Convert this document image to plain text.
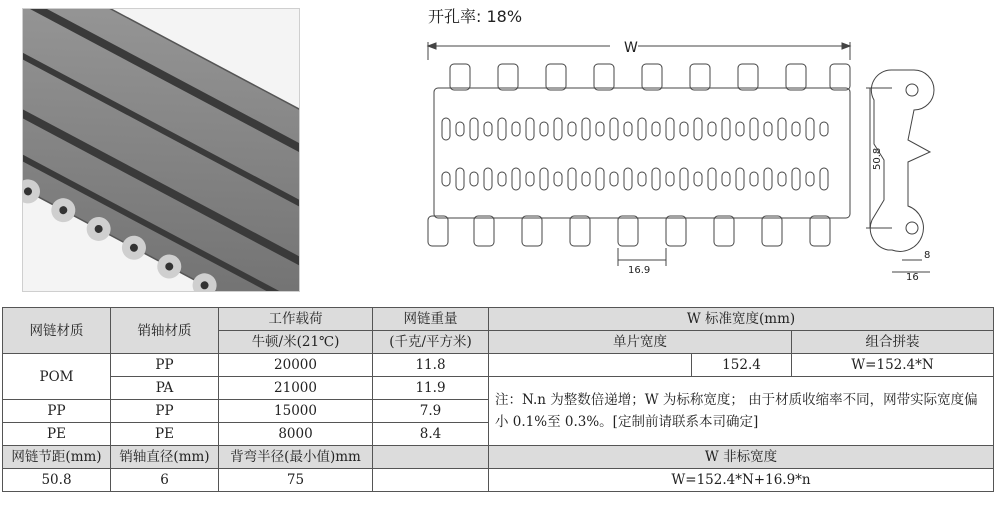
开孔率: 18%
W
16.9
50.8
8
16
网链材质	销轴材质	工作载荷	网链重量	W 标准宽度(mm)		
		牛顿/米(21℃)	(千克/平方米)	单片宽度		组合拼装
POM	PP	20000	11.8		152.4	W=152.4*N
	PA	21000	11.9	注：N.n 为整数倍递增；W 为标称宽度； 由于材质收缩率不同，网带实际宽度偏小 0.1%至 0.3%。[定制前请联系本司确定]		
PP	PP	15000	7.9			
PE	PE	8000	8.4			
网链节距(mm)	销轴直径(mm)	背弯半径(最小值)mm		W 非标宽度		
50.8	6	75		W=152.4*N+16.9*n		
